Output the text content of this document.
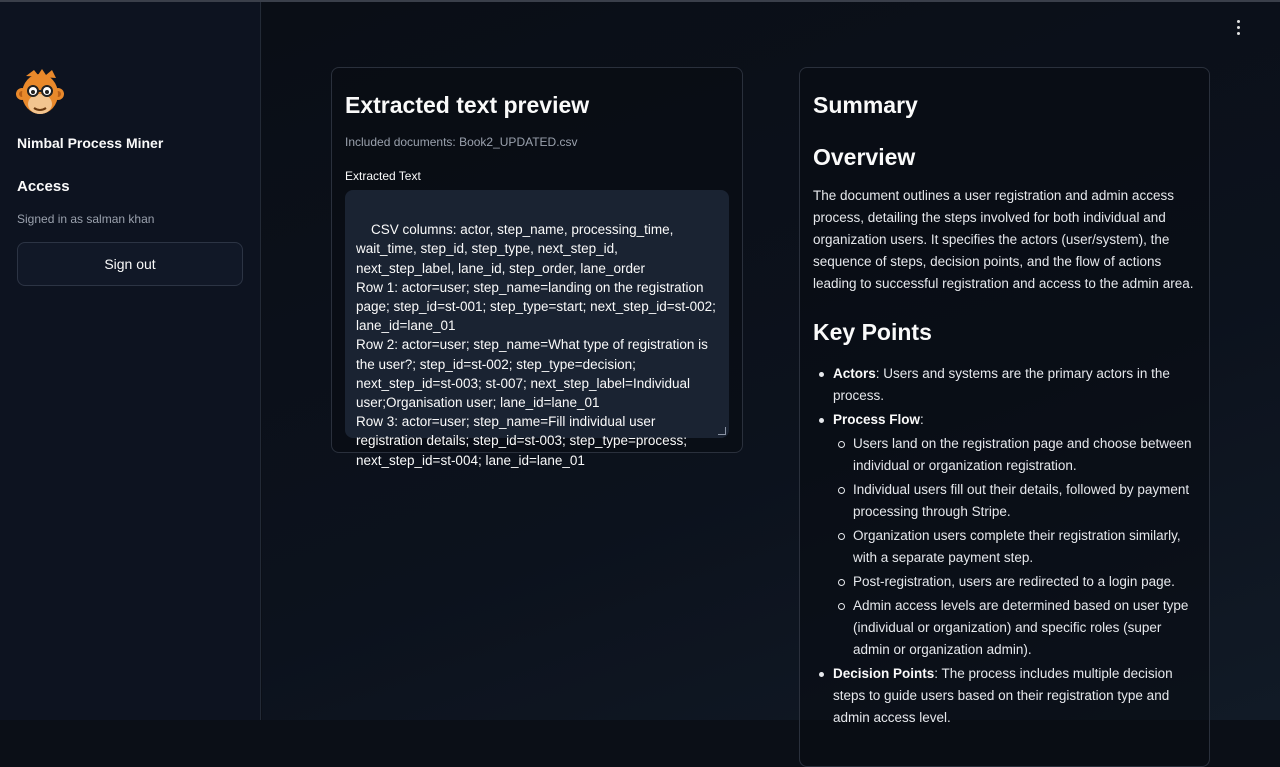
Nimbal Process Miner
Access
Signed in as salman khan
Sign out
Extracted text preview
Included documents: Book2_UPDATED.csv
Extracted Text

CSV columns: actor, step_name, processing_time, wait_time, step_id, step_type, next_step_id, next_step_label, lane_id, step_order, lane_order
Row 1: actor=user; step_name=landing on the registration page; step_id=st-001; step_type=start; next_step_id=st-002; lane_id=lane_01
Row 2: actor=user; step_name=What type of registration is the user?; step_id=st-002; step_type=decision; next_step_id=st-003; st-007; next_step_label=Individual user;Organisation user; lane_id=lane_01
Row 3: actor=user; step_name=Fill individual user registration details; step_id=st-003; step_type=process; next_step_id=st-004; lane_id=lane_01

Summary
Overview
The document outlines a user registration and admin access process, detailing the steps involved for both individual and organization users. It specifies the actors (user/system), the sequence of steps, decision points, and the flow of actions leading to successful registration and access to the admin area.
Key Points
Actors: Users and systems are the primary actors in the process.
Process Flow:
Users land on the registration page and choose between individual or organization registration.
Individual users fill out their details, followed by payment processing through Stripe.
Organization users complete their registration similarly, with a separate payment step.
Post-registration, users are redirected to a login page.
Admin access levels are determined based on user type (individual or organization) and specific roles (super admin or organization admin).
Decision Points: The process includes multiple decision steps to guide users based on their registration type and admin access level.
